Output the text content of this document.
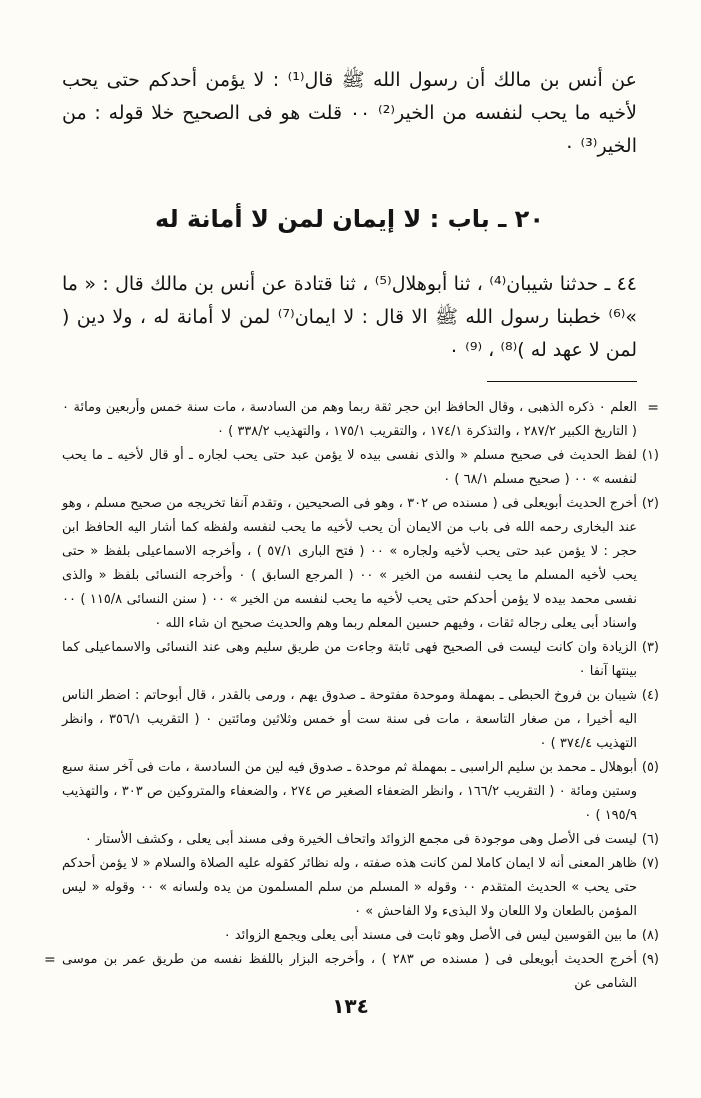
عن أنس بن مالك أن رسول الله ﷺ قال⁽¹⁾ : لا يؤمن أحدكم حتى يحب لأخيه ما يحب لنفسه من الخير⁽²⁾ ٠٠ قلت هو فى الصحيح خلا قوله : من الخير⁽³⁾ ٠

٢٠ ـ باب : لا إيمان لمن لا أمانة له

٤٤ ـ حدثنا شيبان⁽⁴⁾ ، ثنا أبوهلال⁽⁵⁾ ، ثنا قتادة عن أنس بن مالك قال : « ما »⁽⁶⁾ خطبنا رسول الله ﷺ الا قال : لا ايمان⁽⁷⁾ لمن لا أمانة له ، ولا دين ( لمن لا عهد له )⁽⁸⁾ ، ⁽⁹⁾ ٠

=
العلم ٠ ذكره الذهبى ، وقال الحافظ ابن حجر ثقة ربما وهم من السادسة ، مات سنة خمس وأربعين ومائة ٠ ( التاريخ الكبير ٢٨٧/٢ ، والتذكرة ١٧٤/١ ، والتقريب ١٧٥/١ ، والتهذيب ٣٣٨/٢ ) ٠
(١)
لفظ الحديث فى صحيح مسلم « والذى نفسى بيده لا يؤمن عبد حتى يحب لجاره ـ أو قال لأخيه ـ ما يحب لنفسه » ٠٠ ( صحيح مسلم ٦٨/١ ) ٠
(٢)
أخرج الحديث أبويعلى فى ( مسنده ص ٣٠٢ ، وهو فى الصحيحين ، وتقدم آنفا تخريجه من صحيح مسلم ، وهو عند البخارى رحمه الله فى باب من الايمان أن يحب لأخيه ما يحب لنفسه ولفظه كما أشار اليه الحافظ ابن حجر : لا يؤمن عبد حتى يحب لأخيه ولجاره » ٠٠ ( فتح البارى ٥٧/١ ) ، وأخرجه الاسماعيلى بلفظ « حتى يحب لأخيه المسلم ما يحب لنفسه من الخير » ٠٠ ( المرجع السابق ) ٠ وأخرجه النسائى بلفظ « والذى نفسى محمد بيده لا يؤمن أحدكم حتى يحب لأخيه ما يحب لنفسه من الخير » ٠٠ ( سنن النسائى ١١٥/٨ ) ٠٠ واسناد أبى يعلى رجاله ثقات ، وفيهم حسين المعلم ربما وهم والحديث صحيح ان شاء الله ٠
(٣)
الزيادة وان كانت ليست فى الصحيح فهى ثابتة وجاءت من طريق سليم وهى عند النسائى والاسماعيلى كما بينتها آنفا ٠
(٤)
شيبان بن فروخ الحبطى ـ بمهملة وموحدة مفتوحة ـ صدوق يهم ، ورمى بالقدر ، قال أبوحاتم : اضطر الناس اليه أخيرا ، من صغار التاسعة ، مات فى سنة ست أو خمس وثلاثين ومائتين ٠ ( التقريب ٣٥٦/١ ، وانظر التهذيب ٣٧٤/٤ ) ٠
(٥)
أبوهلال ـ محمد بن سليم الراسبى ـ بمهملة ثم موحدة ـ صدوق فيه لين من السادسة ، مات فى آخر سنة سبع وستين ومائة ٠ ( التقريب ١٦٦/٢ ، وانظر الضعفاء الصغير ص ٢٧٤ ، والضعفاء والمتروكين ص ٣٠٣ ، والتهذيب ١٩٥/٩ ) ٠
(٦)
ليست فى الأصل وهى موجودة فى مجمع الزوائد واتحاف الخيرة وفى مسند أبى يعلى ، وكشف الأستار ٠
(٧)
ظاهر المعنى أنه لا ايمان كاملا لمن كانت هذه صفته ، وله نظائر كقوله عليه الصلاة والسلام « لا يؤمن أحدكم حتى يحب » الحديث المتقدم ٠٠ وقوله « المسلم من سلم المسلمون من يده ولسانه » ٠٠ وقوله « ليس المؤمن بالطعان ولا اللعان ولا البذىء ولا الفاحش » ٠
(٨)
ما بين القوسين ليس فى الأصل وهو ثابت فى مسند أبى يعلى ويجمع الزوائد ٠
(٩)
أخرج الحديث أبويعلى فى ( مسنده ص ٢٨٣ ) ، وأخرجه البزار باللفظ نفسه من طريق عمر بن موسى الشامى عن
=
١٣٤
